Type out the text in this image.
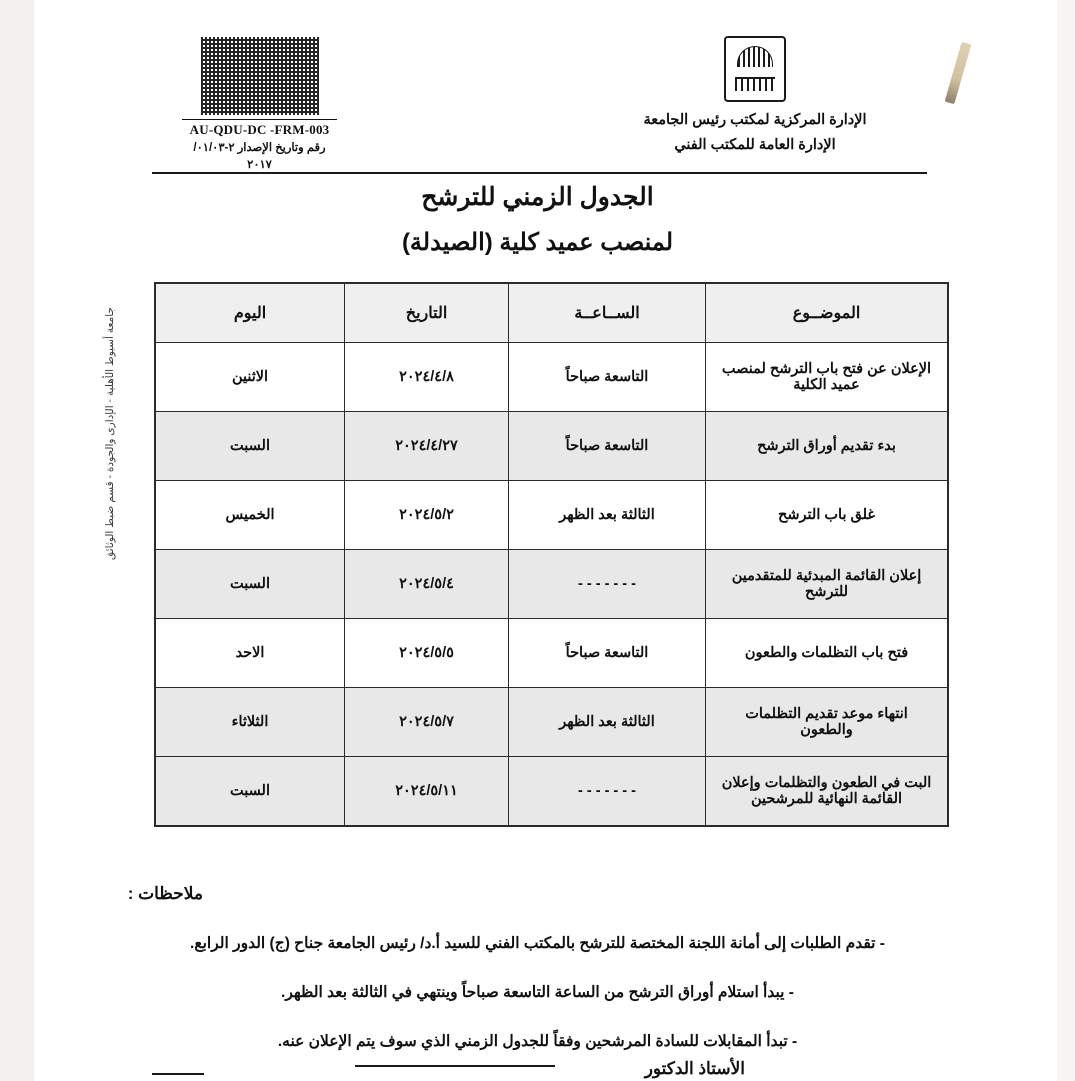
AU-QDU-DC -FRM-003
رقم وتاريخ الإصدار ٢-٠١/٠٣/
٢٠١٧
الإدارة المركزية لمكتب رئيس الجامعة
الإدارة العامة للمكتب الفني
الجدول الزمني للترشح
لمنصب عميد كلية (الصيدلة)
جامعة أسيوط الأهلية - الإدارى والجودة - قسم ضبط الوثائق	الموضــوع	الســاعــة	التاريخ	اليوم
الإعلان عن فتح باب الترشح لمنصب عميد الكلية	التاسعة صباحاً	٢٠٢٤/٤/٨	الاثنين
بدء تقديم أوراق الترشح	التاسعة صباحاً	٢٠٢٤/٤/٢٧	السبت
غلق باب الترشح	الثالثة بعد الظهر	٢٠٢٤/٥/٢	الخميس
إعلان القائمة المبدئية للمتقدمين للترشح	- - - - - - -	٢٠٢٤/٥/٤	السبت
فتح باب التظلمات والطعون	التاسعة صباحاً	٢٠٢٤/٥/٥	الاحد
انتهاء موعد تقديم التظلمات والطعون	الثالثة بعد الظهر	٢٠٢٤/٥/٧	الثلاثاء
البت في الطعون والتظلمات وإعلان القائمة النهائية للمرشحين	- - - - - - -	٢٠٢٤/٥/١١	السبت
ملاحظات :
- تقدم الطلبات إلى أمانة اللجنة المختصة للترشح بالمكتب الفني للسيد أ.د/ رئيس الجامعة جناح (ج) الدور الرابع.
- يبدأ استلام أوراق الترشح من الساعة التاسعة صباحاً وينتهي في الثالثة بعد الظهر.
- تبدأ المقابلات للسادة المرشحين وفقاً للجدول الزمني الذي سوف يتم الإعلان عنه.
الأستاذ الدكتور
